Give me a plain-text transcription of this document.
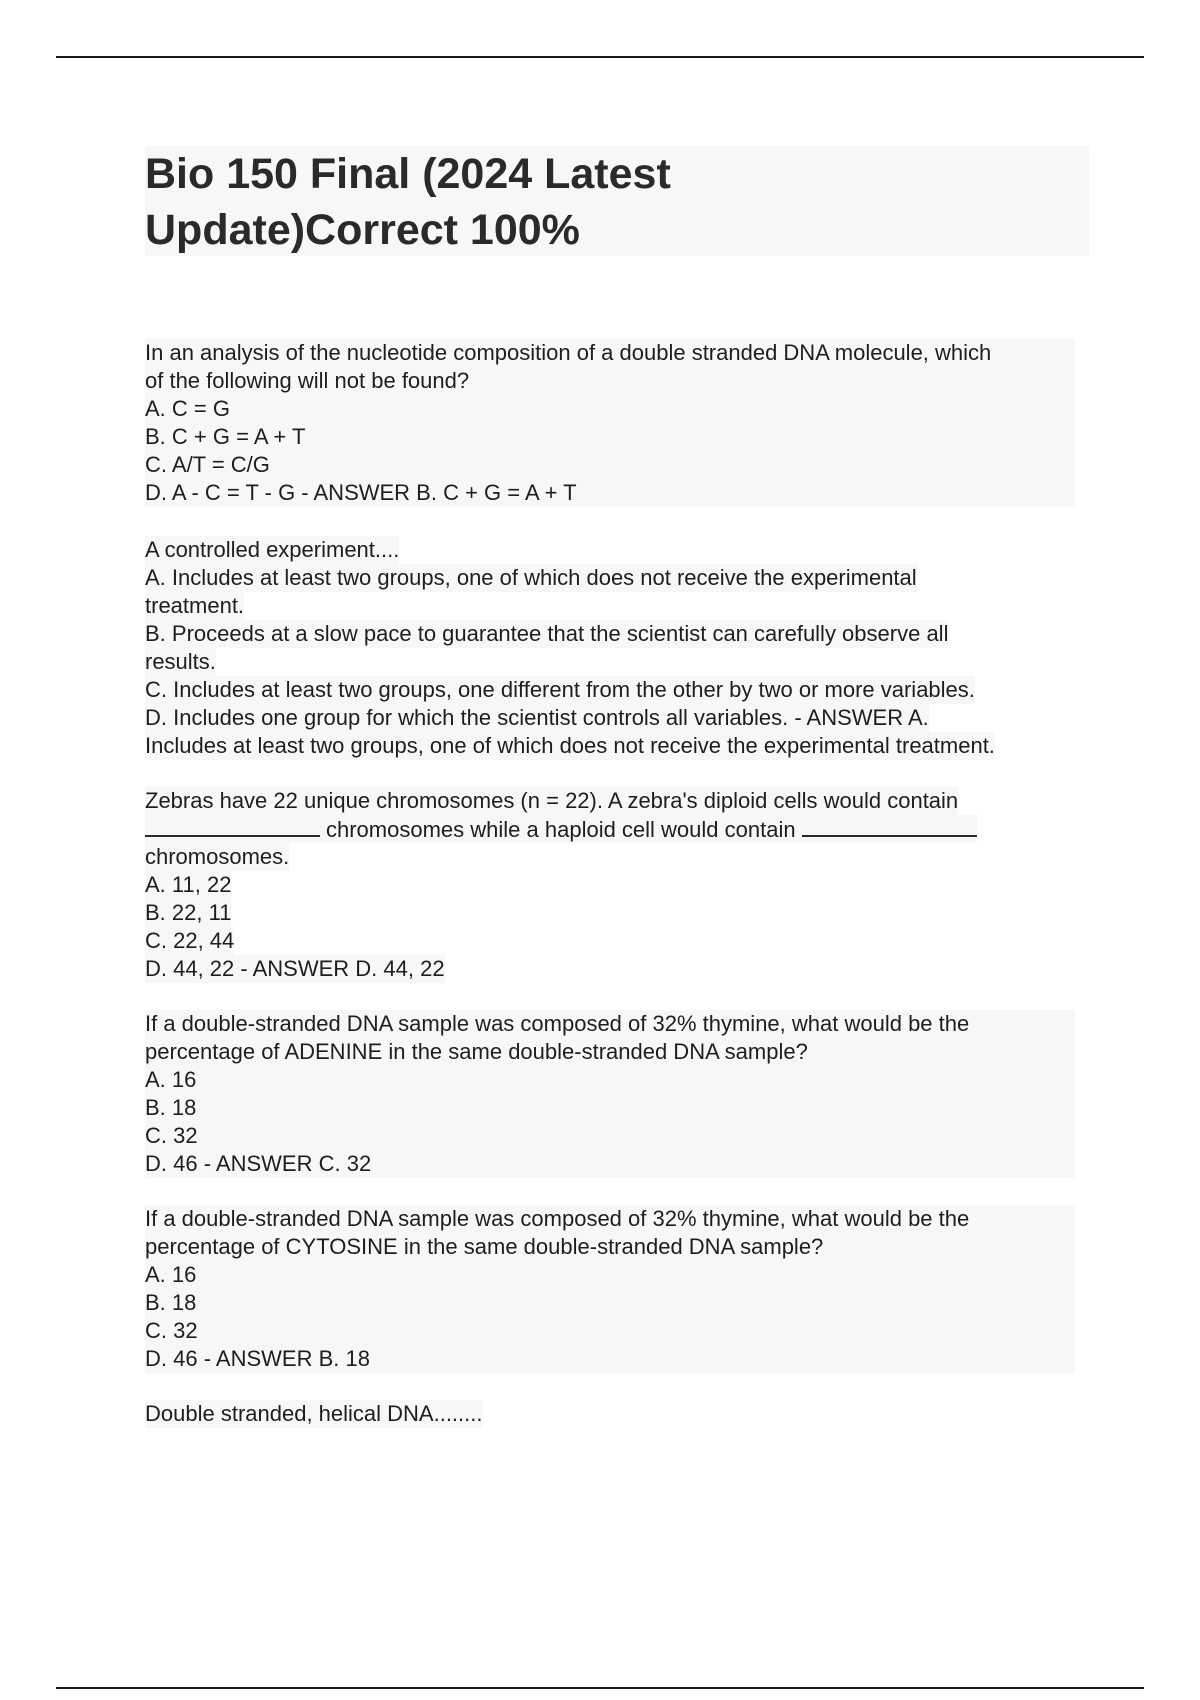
Bio 150 Final (2024 Latest
Update)Correct 100%
In an analysis of the nucleotide composition of a double stranded DNA molecule, which
of the following will not be found?
A. C = G
B. C + G = A + T
C. A/T = C/G
D. A - C = T - G - ANSWER B. C + G = A + T
A controlled experiment....
A. Includes at least two groups, one of which does not receive the experimental
treatment.
B. Proceeds at a slow pace to guarantee that the scientist can carefully observe all
results.
C. Includes at least two groups, one different from the other by two or more variables.
D. Includes one group for which the scientist controls all variables. - ANSWER A.
Includes at least two groups, one of which does not receive the experimental treatment.
Zebras have 22 unique chromosomes (n = 22). A zebra's diploid cells would contain
chromosomes while a haploid cell would contain
chromosomes.
A. 11, 22
B. 22, 11
C. 22, 44
D. 44, 22 - ANSWER D. 44, 22
If a double-stranded DNA sample was composed of 32% thymine, what would be the
percentage of ADENINE in the same double-stranded DNA sample?
A. 16
B. 18
C. 32
D. 46 - ANSWER C. 32
If a double-stranded DNA sample was composed of 32% thymine, what would be the
percentage of CYTOSINE in the same double-stranded DNA sample?
A. 16
B. 18
C. 32
D. 46 - ANSWER B. 18
Double stranded, helical DNA........
